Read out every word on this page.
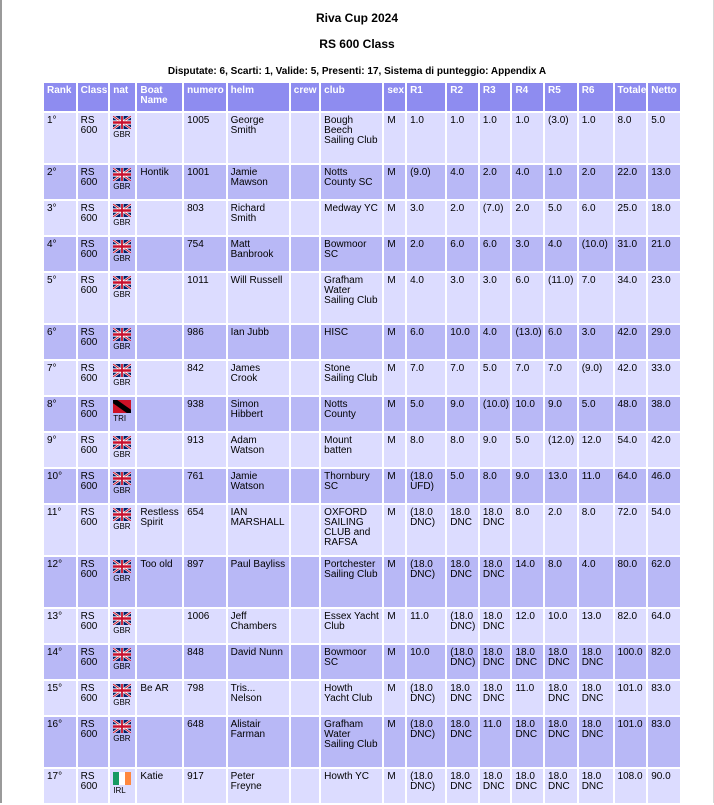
Riva Cup 2024
RS 600 Class
Disputate: 6, Scarti: 1, Valide: 5, Presenti: 17, Sistema di punteggio: Appendix A
Rank	Class	nat	Boat Name	numero	helm	crew	club	sex	R1	R2	R3	R4	R5	R6	Totale	Netto
1°	RS 600	GBR		1005	George Smith		Bough Beech Sailing Club	M	1.0	1.0	1.0	1.0	(3.0)	1.0	8.0	5.0
2°	RS 600	GBR	Hontik	1001	Jamie Mawson		Notts County SC	M	(9.0)	4.0	2.0	4.0	1.0	2.0	22.0	13.0
3°	RS 600	GBR		803	Richard Smith		Medway YC	M	3.0	2.0	(7.0)	2.0	5.0	6.0	25.0	18.0
4°	RS 600	GBR		754	Matt Banbrook		Bowmoor SC	M	2.0	6.0	6.0	3.0	4.0	(10.0)	31.0	21.0
5°	RS 600	GBR		1011	Will Russell		Grafham Water Sailing Club	M	4.0	3.0	3.0	6.0	(11.0)	7.0	34.0	23.0
6°	RS 600	GBR		986	Ian Jubb		HISC	M	6.0	10.0	4.0	(13.0)	6.0	3.0	42.0	29.0
7°	RS 600	GBR		842	James Crook		Stone Sailing Club	M	7.0	7.0	5.0	7.0	7.0	(9.0)	42.0	33.0
8°	RS 600	TRI		938	Simon Hibbert		Notts County	M	5.0	9.0	(10.0)	10.0	9.0	5.0	48.0	38.0
9°	RS 600	GBR		913	Adam Watson		Mount batten	M	8.0	8.0	9.0	5.0	(12.0)	12.0	54.0	42.0
10°	RS 600	GBR		761	Jamie Watson		Thornbury SC	M	(18.0 UFD)	5.0	8.0	9.0	13.0	11.0	64.0	46.0
11°	RS 600	GBR	Restless Spirit	654	IAN MARSHALL		OXFORD SAILING CLUB and RAFSA	M	(18.0 DNC)	18.0 DNC	18.0 DNC	8.0	2.0	8.0	72.0	54.0
12°	RS 600	GBR	Too old	897	Paul Bayliss		Portchester Sailing Club	M	(18.0 DNC)	18.0 DNC	18.0 DNC	14.0	8.0	4.0	80.0	62.0
13°	RS 600	GBR		1006	Jeff Chambers		Essex Yacht Club	M	11.0	(18.0 DNC)	18.0 DNC	12.0	10.0	13.0	82.0	64.0
14°	RS 600	GBR		848	David Nunn		Bowmoor SC	M	10.0	(18.0 DNC)	18.0 DNC	18.0 DNC	18.0 DNC	18.0 DNC	100.0	82.0
15°	RS 600	GBR	Be AR	798	Tris... Nelson		Howth Yacht Club	M	(18.0 DNC)	18.0 DNC	18.0 DNC	11.0	18.0 DNC	18.0 DNC	101.0	83.0
16°	RS 600	GBR		648	Alistair Farman		Grafham Water Sailing Club	M	(18.0 DNC)	18.0 DNC	11.0	18.0 DNC	18.0 DNC	18.0 DNC	101.0	83.0
17°	RS 600	IRL	Katie	917	Peter Freyne		Howth YC	M	(18.0 DNC)	18.0 DNC	18.0 DNC	18.0 DNC	18.0 DNC	18.0 DNC	108.0	90.0
